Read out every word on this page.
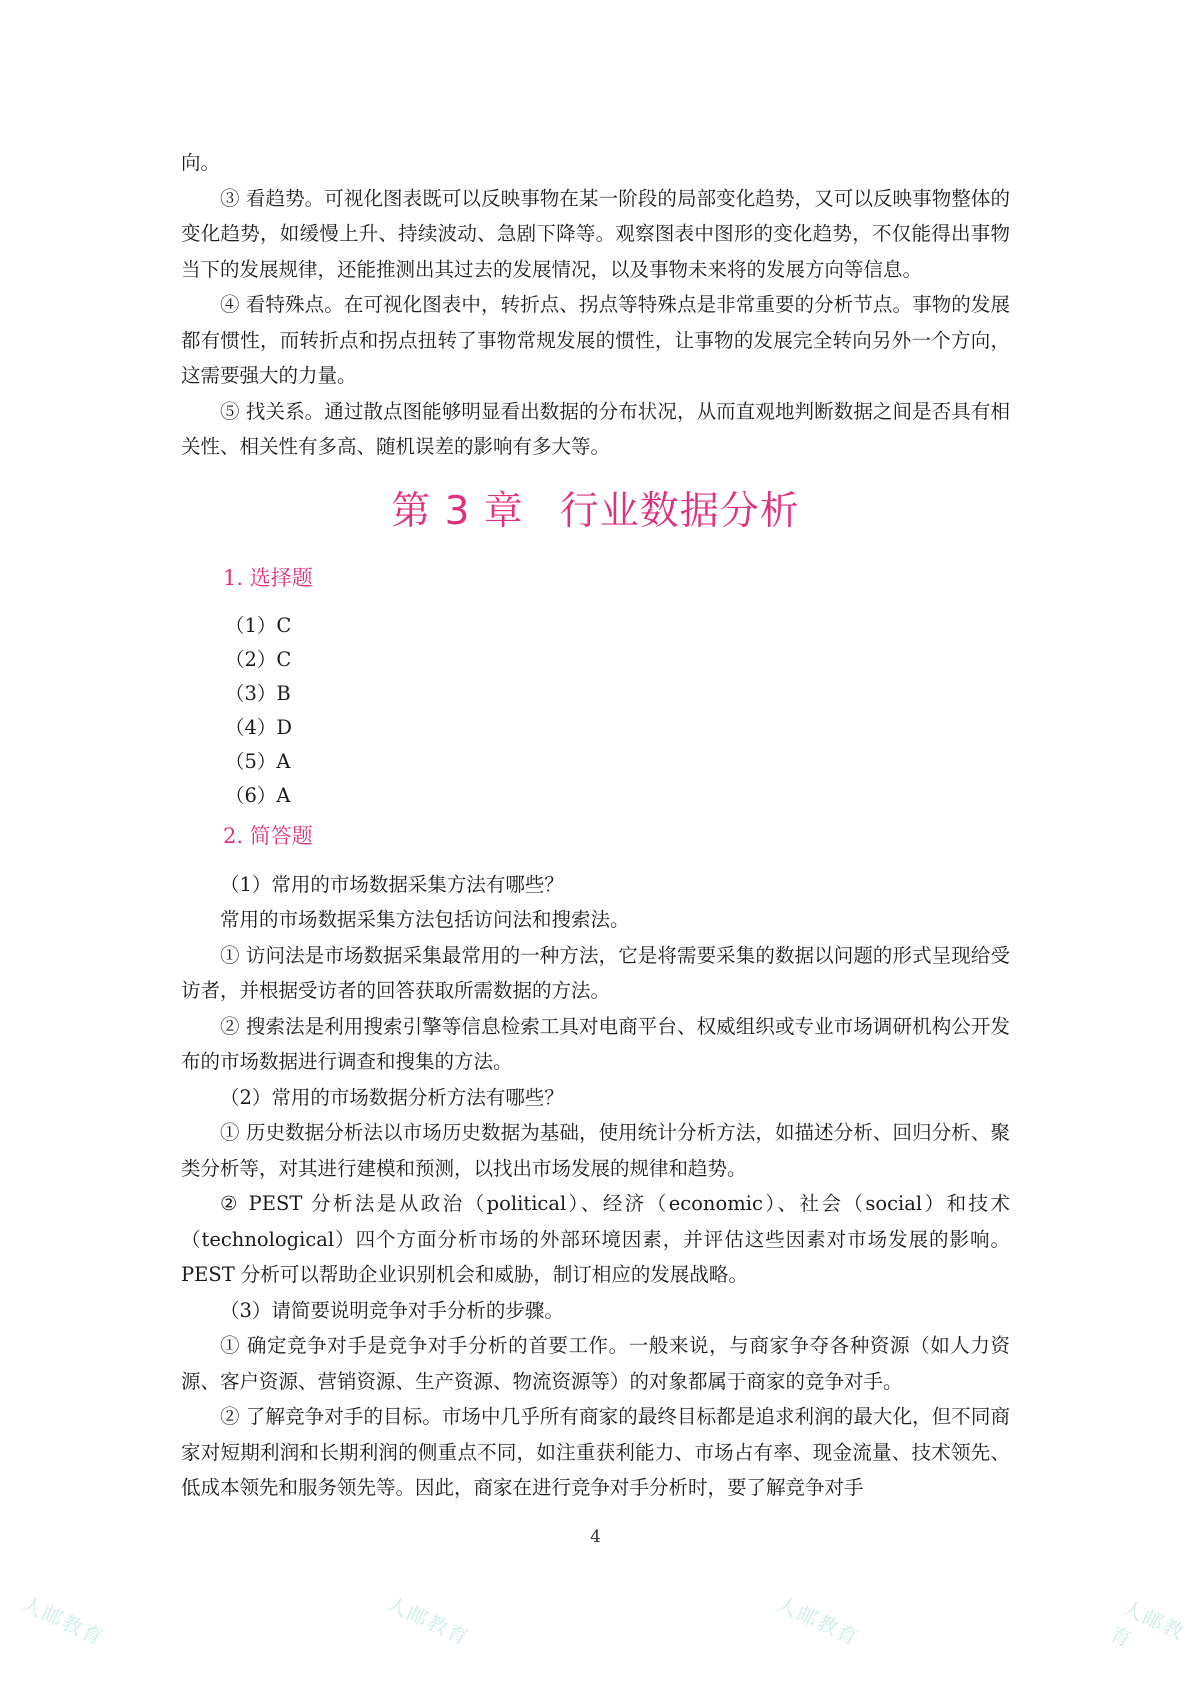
向。

③ 看趋势。可视化图表既可以反映事物在某一阶段的局部变化趋势，又可以反映事物整体的变化趋势，如缓慢上升、持续波动、急剧下降等。观察图表中图形的变化趋势，不仅能得出事物当下的发展规律，还能推测出其过去的发展情况，以及事物未来将的发展方向等信息。

④ 看特殊点。在可视化图表中，转折点、拐点等特殊点是非常重要的分析节点。事物的发展都有惯性，而转折点和拐点扭转了事物常规发展的惯性，让事物的发展完全转向另外一个方向，这需要强大的力量。

⑤ 找关系。通过散点图能够明显看出数据的分布状况，从而直观地判断数据之间是否具有相关性、相关性有多高、随机误差的影响有多大等。

第 3 章 行业数据分析
1. 选择题

（1）C

（2）C

（3）B

（4）D

（5）A

（6）A

2. 简答题

（1）常用的市场数据采集方法有哪些？

常用的市场数据采集方法包括访问法和搜索法。

① 访问法是市场数据采集最常用的一种方法，它是将需要采集的数据以问题的形式呈现给受访者，并根据受访者的回答获取所需数据的方法。

② 搜索法是利用搜索引擎等信息检索工具对电商平台、权威组织或专业市场调研机构公开发布的市场数据进行调查和搜集的方法。

（2）常用的市场数据分析方法有哪些？

① 历史数据分析法以市场历史数据为基础，使用统计分析方法，如描述分析、回归分析、聚类分析等，对其进行建模和预测，以找出市场发展的规律和趋势。

② PEST 分析法是从政治（political）、经济（economic）、社会（social）和技术（technological）四个方面分析市场的外部环境因素，并评估这些因素对市场发展的影响。PEST 分析可以帮助企业识别机会和威胁，制订相应的发展战略。

（3）请简要说明竞争对手分析的步骤。

① 确定竞争对手是竞争对手分析的首要工作。一般来说，与商家争夺各种资源（如人力资源、客户资源、营销资源、生产资源、物流资源等）的对象都属于商家的竞争对手。

② 了解竞争对手的目标。市场中几乎所有商家的最终目标都是追求利润的最大化，但不同商家对短期利润和长期利润的侧重点不同，如注重获利能力、市场占有率、现金流量、技术领先、低成本领先和服务领先等。因此，商家在进行竞争对手分析时，要了解竞争对手

4
人邮教育	人邮教育	人邮教育	人邮教育
